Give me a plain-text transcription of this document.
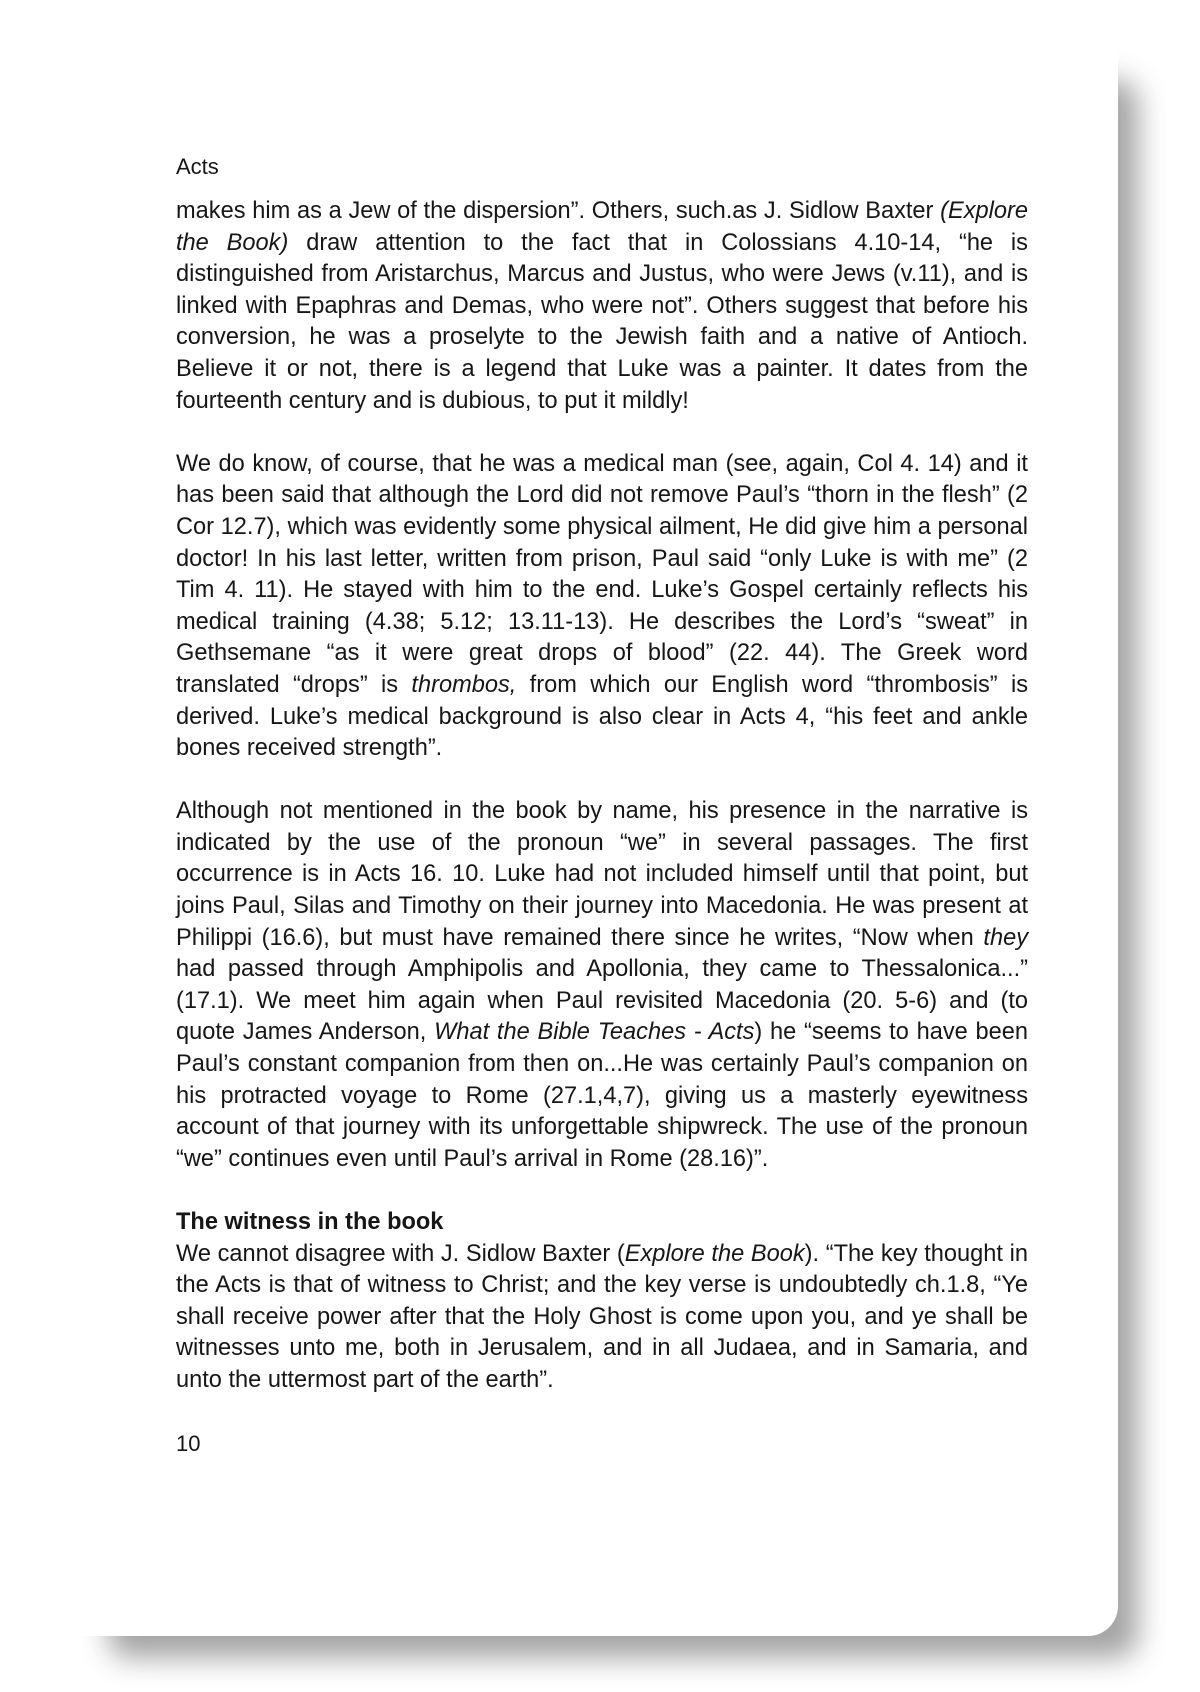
Acts

makes him as a Jew of the dispersion”. Others, such.as J. Sidlow Baxter (Explore the Book) draw attention to the fact that in Colossians 4.10-14, “he is distinguished from Aristarchus, Marcus and Justus, who were Jews (v.11), and is linked with Epaphras and Demas, who were not”. Others suggest that before his conversion, he was a proselyte to the Jewish faith and a native of Antioch. Believe it or not, there is a legend that Luke was a painter. It dates from the fourteenth century and is dubious, to put it mildly!

We do know, of course, that he was a medical man (see, again, Col 4. 14) and it has been said that although the Lord did not remove Paul’s “thorn in the flesh” (2 Cor 12.7), which was evidently some physical ailment, He did give him a personal doctor! In his last letter, written from prison, Paul said “only Luke is with me” (2 Tim 4. 11). He stayed with him to the end. Luke’s Gospel certainly reflects his medical training (4.38; 5.12; 13.11-13). He describes the Lord’s “sweat” in Gethsemane “as it were great drops of blood” (22. 44). The Greek word translated “drops” is thrombos, from which our English word “thrombosis” is derived. Luke’s medical background is also clear in Acts 4, “his feet and ankle bones received strength”.

Although not mentioned in the book by name, his presence in the narrative is indicated by the use of the pronoun “we” in several passages. The first occurrence is in Acts 16. 10. Luke had not included himself until that point, but joins Paul, Silas and Timothy on their journey into Macedonia. He was present at Philippi (16.6), but must have remained there since he writes, “Now when they had passed through Amphipolis and Apollonia, they came to Thessalonica...” (17.1). We meet him again when Paul revisited Macedonia (20. 5-6) and (to quote James Anderson, What the Bible Teaches - Acts) he “seems to have been Paul’s constant companion from then on...He was certainly Paul’s companion on his protracted voyage to Rome (27.1,4,7), giving us a masterly eyewitness account of that journey with its unforgettable shipwreck. The use of the pronoun “we” continues even until Paul’s arrival in Rome (28.16)”.

The witness in the book

We cannot disagree with J. Sidlow Baxter (Explore the Book). “The key thought in the Acts is that of witness to Christ; and the key verse is undoubtedly ch.1.8, “Ye shall receive power after that the Holy Ghost is come upon you, and ye shall be witnesses unto me, both in Jerusalem, and in all Judaea, and in Samaria, and unto the uttermost part of the earth”.

10
